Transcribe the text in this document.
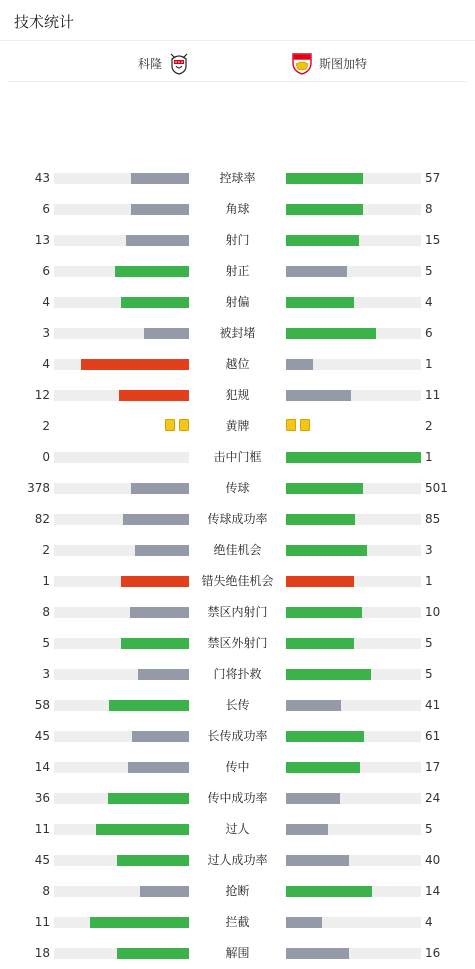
技术统计
科隆	斯图加特
43	控球率	57
6	角球	8
13	射门	15
6	射正	5
4	射偏	4
3	被封堵	6
4	越位	1
12	犯规	11
2	黄牌	2
0	击中门框	1
378	传球	501
82	传球成功率	85
2	绝佳机会	3
1	错失绝佳机会	1
8	禁区内射门	10
5	禁区外射门	5
3	门将扑救	5
58	长传	41
45	长传成功率	61
14	传中	17
36	传中成功率	24
11	过人	5
45	过人成功率	40
8	抢断	14
11	拦截	4
18	解围	16
